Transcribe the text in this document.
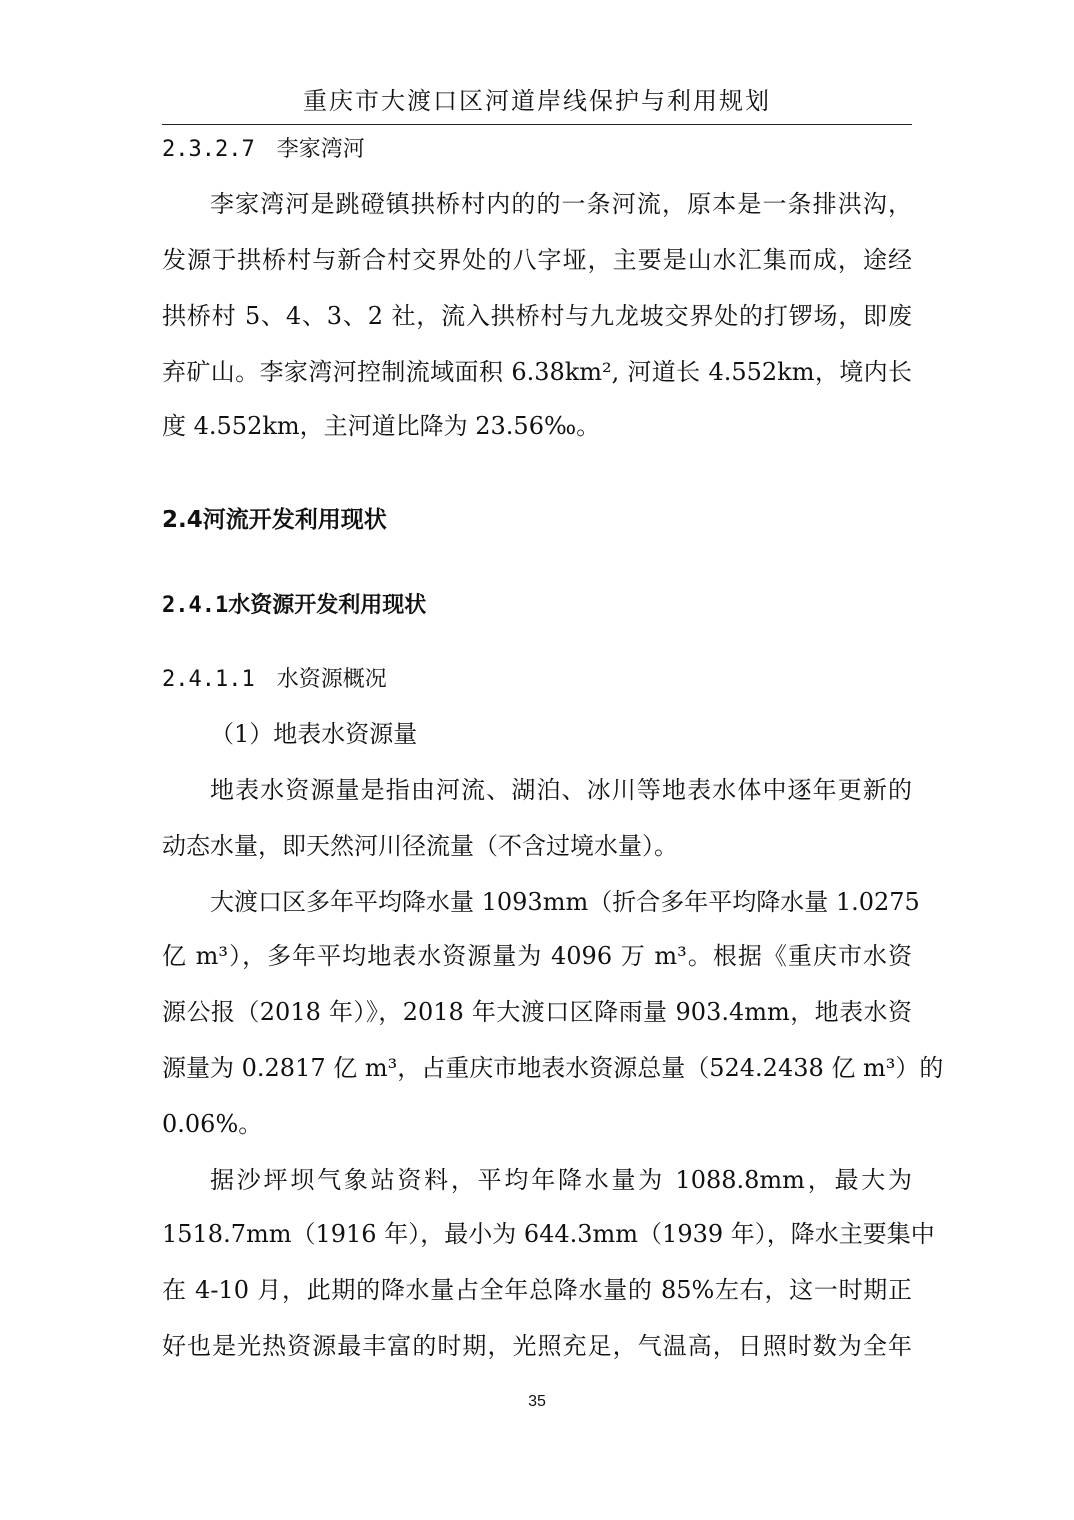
重庆市大渡口区河道岸线保护与利用规划
2.3.2.7　李家湾河
李家湾河是跳磴镇拱桥村内的的一条河流，原本是一条排洪沟，
发源于拱桥村与新合村交界处的八字垭，主要是山水汇集而成，途经
拱桥村 5、4、3、2 社，流入拱桥村与九龙坡交界处的打锣场，即废
弃矿山。李家湾河控制流域面积 6.38km², 河道长 4.552km，境内长
度 4.552km，主河道比降为 23.56‰。
2.4河流开发利用现状
2.4.1水资源开发利用现状
2.4.1.1　水资源概况
（1）地表水资源量
地表水资源量是指由河流、湖泊、冰川等地表水体中逐年更新的
动态水量，即天然河川径流量（不含过境水量）。
大渡口区多年平均降水量 1093mm（折合多年平均降水量 1.0275
亿 m³），多年平均地表水资源量为 4096 万 m³。根据《重庆市水资
源公报（2018 年）》，2018 年大渡口区降雨量 903.4mm，地表水资
源量为 0.2817 亿 m³，占重庆市地表水资源总量（524.2438 亿 m³）的
0.06%。
据沙坪坝气象站资料，平均年降水量为 1088.8mm，最大为
1518.7mm（1916 年），最小为 644.3mm（1939 年），降水主要集中
在 4-10 月，此期的降水量占全年总降水量的 85%左右，这一时期正
好也是光热资源最丰富的时期，光照充足，气温高，日照时数为全年
35
